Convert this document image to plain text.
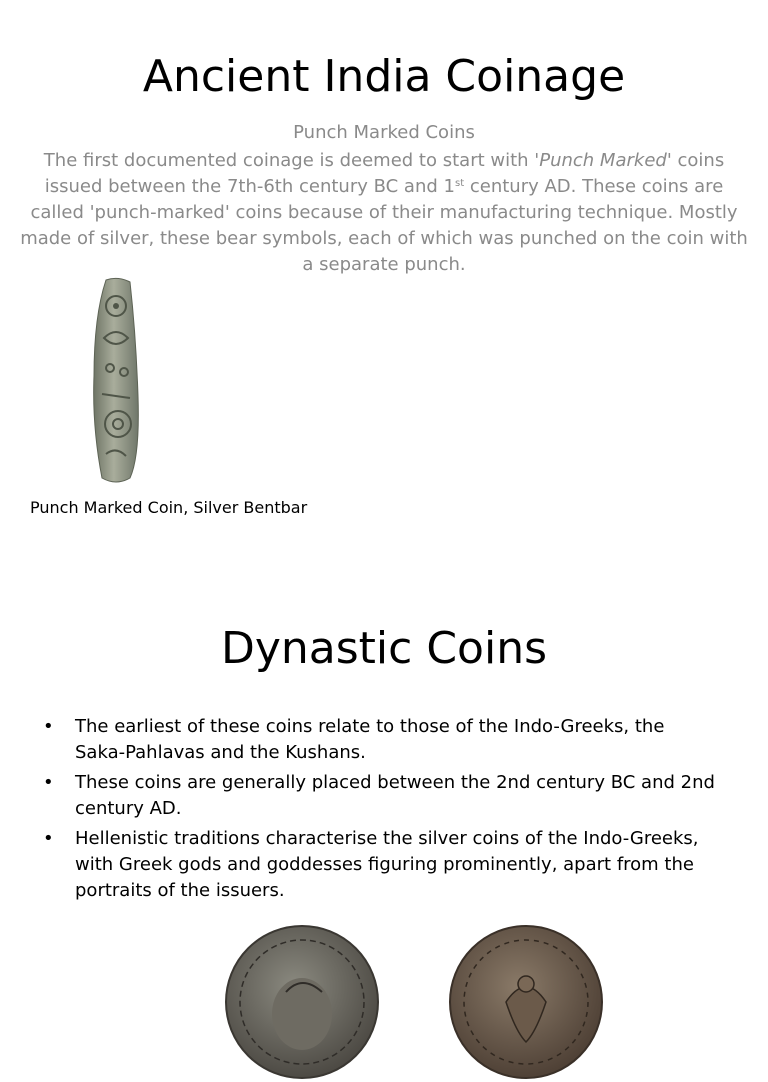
Ancient India Coinage
Punch Marked Coins
The first documented coinage is deemed to start with 'Punch Marked' coins issued between the 7th-6th century BC and 1st century AD. These coins are called 'punch-marked' coins because of their manufacturing technique. Mostly made of silver, these bear symbols, each of which was punched on the coin with a separate punch.
Punch Marked Coin, Silver Bentbar
Dynastic Coins
• The earliest of these coins relate to those of the Indo-Greeks, the Saka-Pahlavas and the Kushans.
• These coins are generally placed between the 2nd century BC and 2nd century AD.
• Hellenistic traditions characterise the silver coins of the Indo-Greeks, with Greek gods and goddesses figuring prominently, apart from the portraits of the issuers.
